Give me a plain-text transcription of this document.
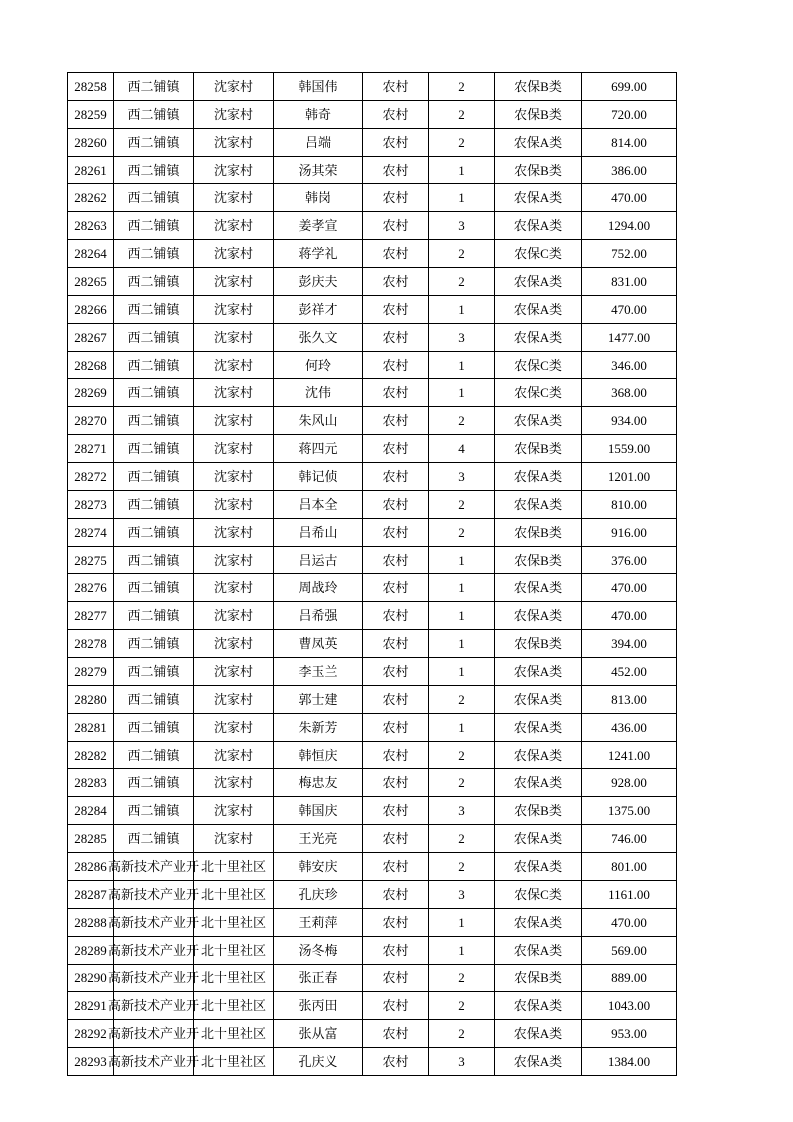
28258	西二铺镇	沈家村	韩国伟	农村	2	农保B类	699.00

28259	西二铺镇	沈家村	韩奇	农村	2	农保B类	720.00

28260	西二铺镇	沈家村	吕端	农村	2	农保A类	814.00

28261	西二铺镇	沈家村	汤其荣	农村	1	农保B类	386.00

28262	西二铺镇	沈家村	韩岗	农村	1	农保A类	470.00

28263	西二铺镇	沈家村	姜孝宣	农村	3	农保A类	1294.00

28264	西二铺镇	沈家村	蒋学礼	农村	2	农保C类	752.00

28265	西二铺镇	沈家村	彭庆夫	农村	2	农保A类	831.00

28266	西二铺镇	沈家村	彭祥才	农村	1	农保A类	470.00

28267	西二铺镇	沈家村	张久文	农村	3	农保A类	1477.00

28268	西二铺镇	沈家村	何玲	农村	1	农保C类	346.00

28269	西二铺镇	沈家村	沈伟	农村	1	农保C类	368.00

28270	西二铺镇	沈家村	朱风山	农村	2	农保A类	934.00

28271	西二铺镇	沈家村	蒋四元	农村	4	农保B类	1559.00

28272	西二铺镇	沈家村	韩记侦	农村	3	农保A类	1201.00

28273	西二铺镇	沈家村	吕本全	农村	2	农保A类	810.00

28274	西二铺镇	沈家村	吕希山	农村	2	农保B类	916.00

28275	西二铺镇	沈家村	吕运古	农村	1	农保B类	376.00

28276	西二铺镇	沈家村	周战玲	农村	1	农保A类	470.00

28277	西二铺镇	沈家村	吕希强	农村	1	农保A类	470.00

28278	西二铺镇	沈家村	曹凤英	农村	1	农保B类	394.00

28279	西二铺镇	沈家村	李玉兰	农村	1	农保A类	452.00

28280	西二铺镇	沈家村	郭士建	农村	2	农保A类	813.00

28281	西二铺镇	沈家村	朱新芳	农村	1	农保A类	436.00

28282	西二铺镇	沈家村	韩恒庆	农村	2	农保A类	1241.00

28283	西二铺镇	沈家村	梅忠友	农村	2	农保A类	928.00

28284	西二铺镇	沈家村	韩国庆	农村	3	农保B类	1375.00

28285	西二铺镇	沈家村	王光亮	农村	2	农保A类	746.00

28286	高新技术产业开	北十里社区	韩安庆	农村	2	农保A类	801.00

28287	高新技术产业开	北十里社区	孔庆珍	农村	3	农保C类	1161.00

28288	高新技术产业开	北十里社区	王莉萍	农村	1	农保A类	470.00

28289	高新技术产业开	北十里社区	汤冬梅	农村	1	农保A类	569.00

28290	高新技术产业开	北十里社区	张正春	农村	2	农保B类	889.00

28291	高新技术产业开	北十里社区	张丙田	农村	2	农保A类	1043.00

28292	高新技术产业开	北十里社区	张从富	农村	2	农保A类	953.00

28293	高新技术产业开	北十里社区	孔庆义	农村	3	农保A类	1384.00
